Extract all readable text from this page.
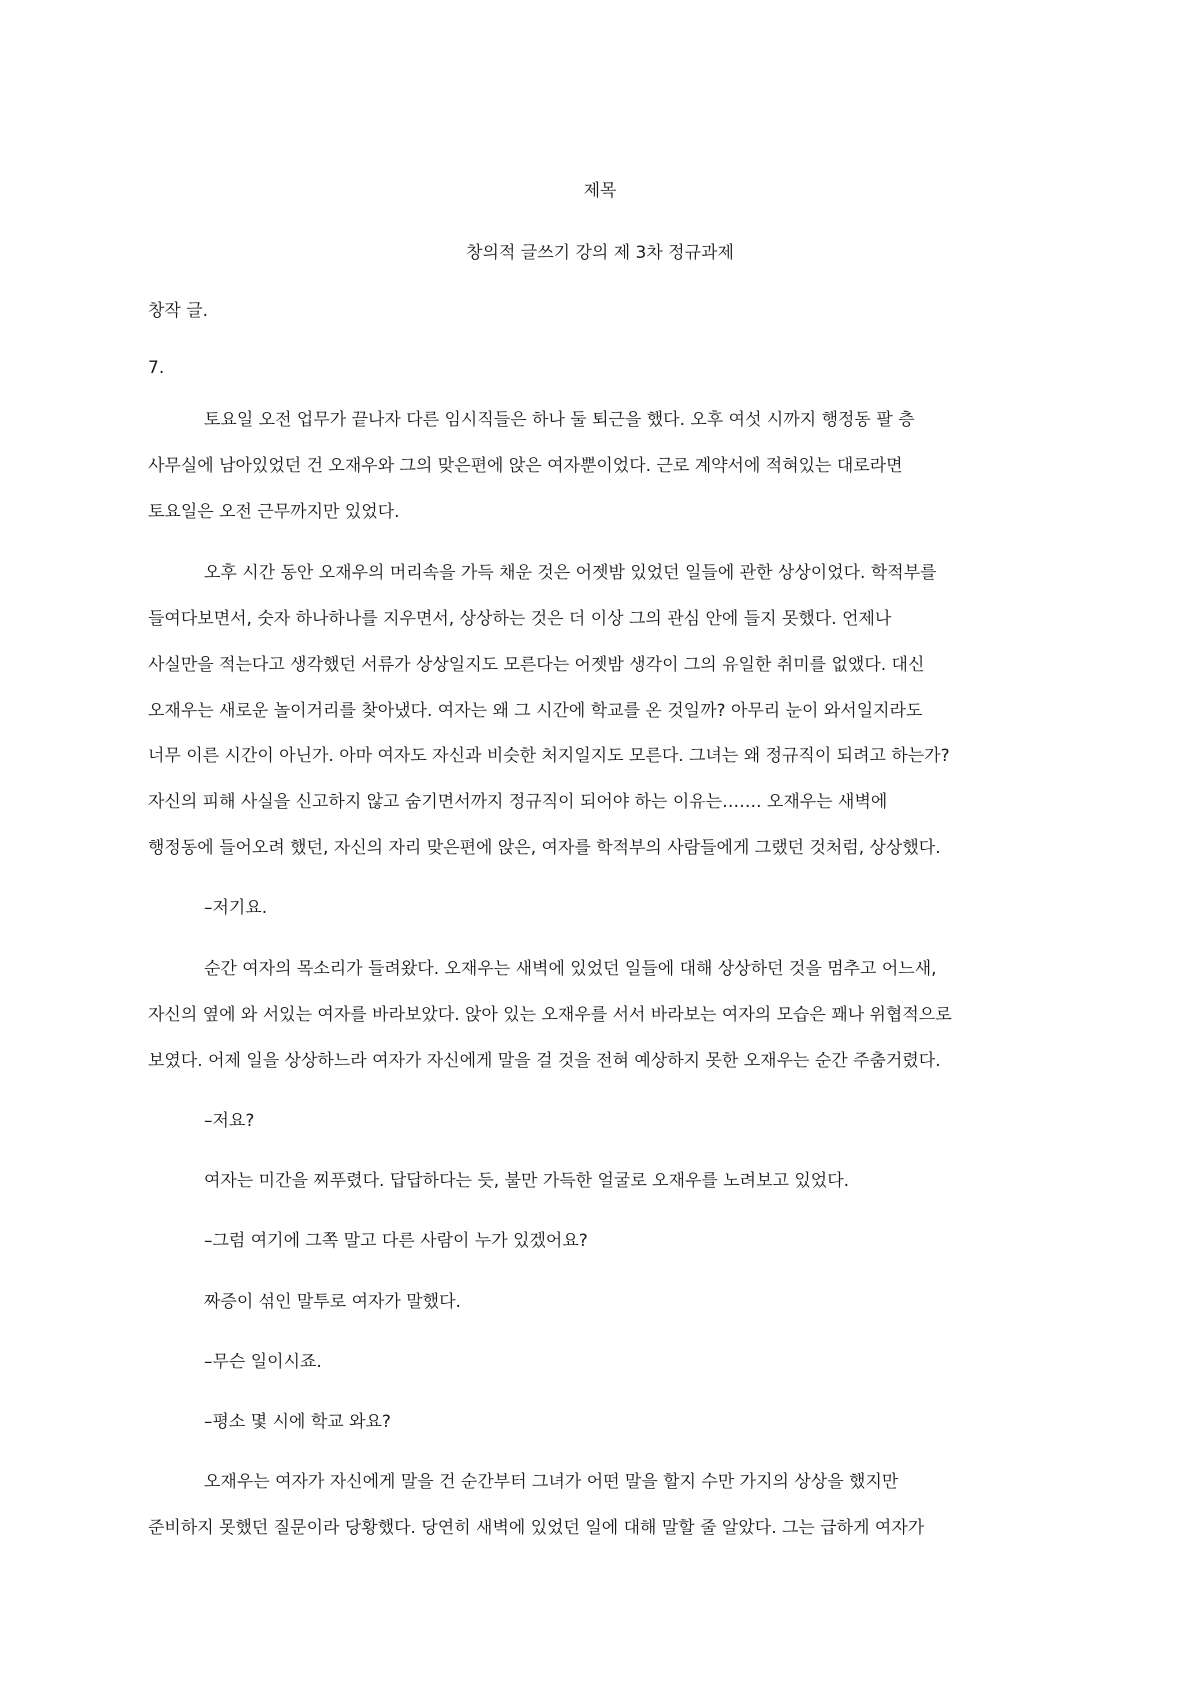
제목
창의적 글쓰기 강의 제 3차 정규과제
창작 글.
7.
토요일 오전 업무가 끝나자 다른 임시직들은 하나 둘 퇴근을 했다. 오후 여섯 시까지 행정동 팔 층
사무실에 남아있었던 건 오재우와 그의 맞은편에 앉은 여자뿐이었다. 근로 계약서에 적혀있는 대로라면
토요일은 오전 근무까지만 있었다.
오후 시간 동안 오재우의 머리속을 가득 채운 것은 어젯밤 있었던 일들에 관한 상상이었다. 학적부를
들여다보면서, 숫자 하나하나를 지우면서, 상상하는 것은 더 이상 그의 관심 안에 들지 못했다. 언제나
사실만을 적는다고 생각했던 서류가 상상일지도 모른다는 어젯밤 생각이 그의 유일한 취미를 없앴다. 대신
오재우는 새로운 놀이거리를 찾아냈다. 여자는 왜 그 시간에 학교를 온 것일까? 아무리 눈이 와서일지라도
너무 이른 시간이 아닌가. 아마 여자도 자신과 비슷한 처지일지도 모른다. 그녀는 왜 정규직이 되려고 하는가?
자신의 피해 사실을 신고하지 않고 숨기면서까지 정규직이 되어야 하는 이유는……. 오재우는 새벽에
행정동에 들어오려 했던, 자신의 자리 맞은편에 앉은, 여자를 학적부의 사람들에게 그랬던 것처럼, 상상했다.
–저기요.
순간 여자의 목소리가 들려왔다. 오재우는 새벽에 있었던 일들에 대해 상상하던 것을 멈추고 어느새,
자신의 옆에 와 서있는 여자를 바라보았다. 앉아 있는 오재우를 서서 바라보는 여자의 모습은 꽤나 위협적으로
보였다. 어제 일을 상상하느라 여자가 자신에게 말을 걸 것을 전혀 예상하지 못한 오재우는 순간 주춤거렸다.
–저요?
여자는 미간을 찌푸렸다. 답답하다는 듯, 불만 가득한 얼굴로 오재우를 노려보고 있었다.
–그럼 여기에 그쪽 말고 다른 사람이 누가 있겠어요?
짜증이 섞인 말투로 여자가 말했다.
–무슨 일이시죠.
–평소 몇 시에 학교 와요?
오재우는 여자가 자신에게 말을 건 순간부터 그녀가 어떤 말을 할지 수만 가지의 상상을 했지만
준비하지 못했던 질문이라 당황했다. 당연히 새벽에 있었던 일에 대해 말할 줄 알았다. 그는 급하게 여자가
